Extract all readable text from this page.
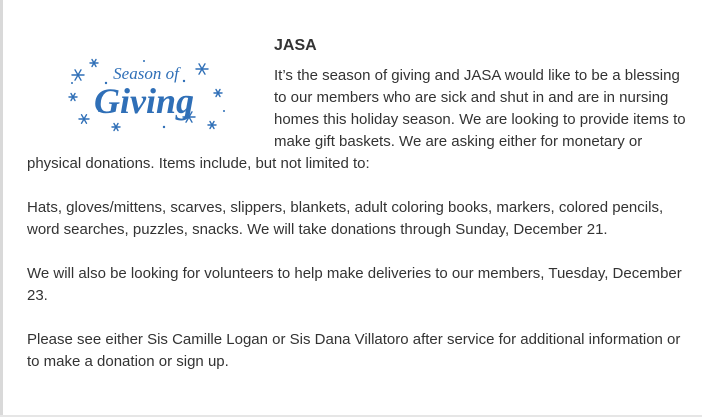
Season of
Giving
JASA

It’s the season of giving and JASA would like to be a blessing to our members who are sick and shut in and are in nursing homes this holiday season. We are looking to provide items to make gift baskets. We are asking either for monetary or physical donations. Items include, but not limited to:

Hats, gloves/mittens, scarves, slippers, blankets, adult coloring books, markers, colored pencils, word searches, puzzles, snacks. We will take donations through Sunday, December 21.

We will also be looking for volunteers to help make deliveries to our members, Tuesday, December 23.

Please see either Sis Camille Logan or Sis Dana Villatoro after service for additional information or to make a donation or sign up.
